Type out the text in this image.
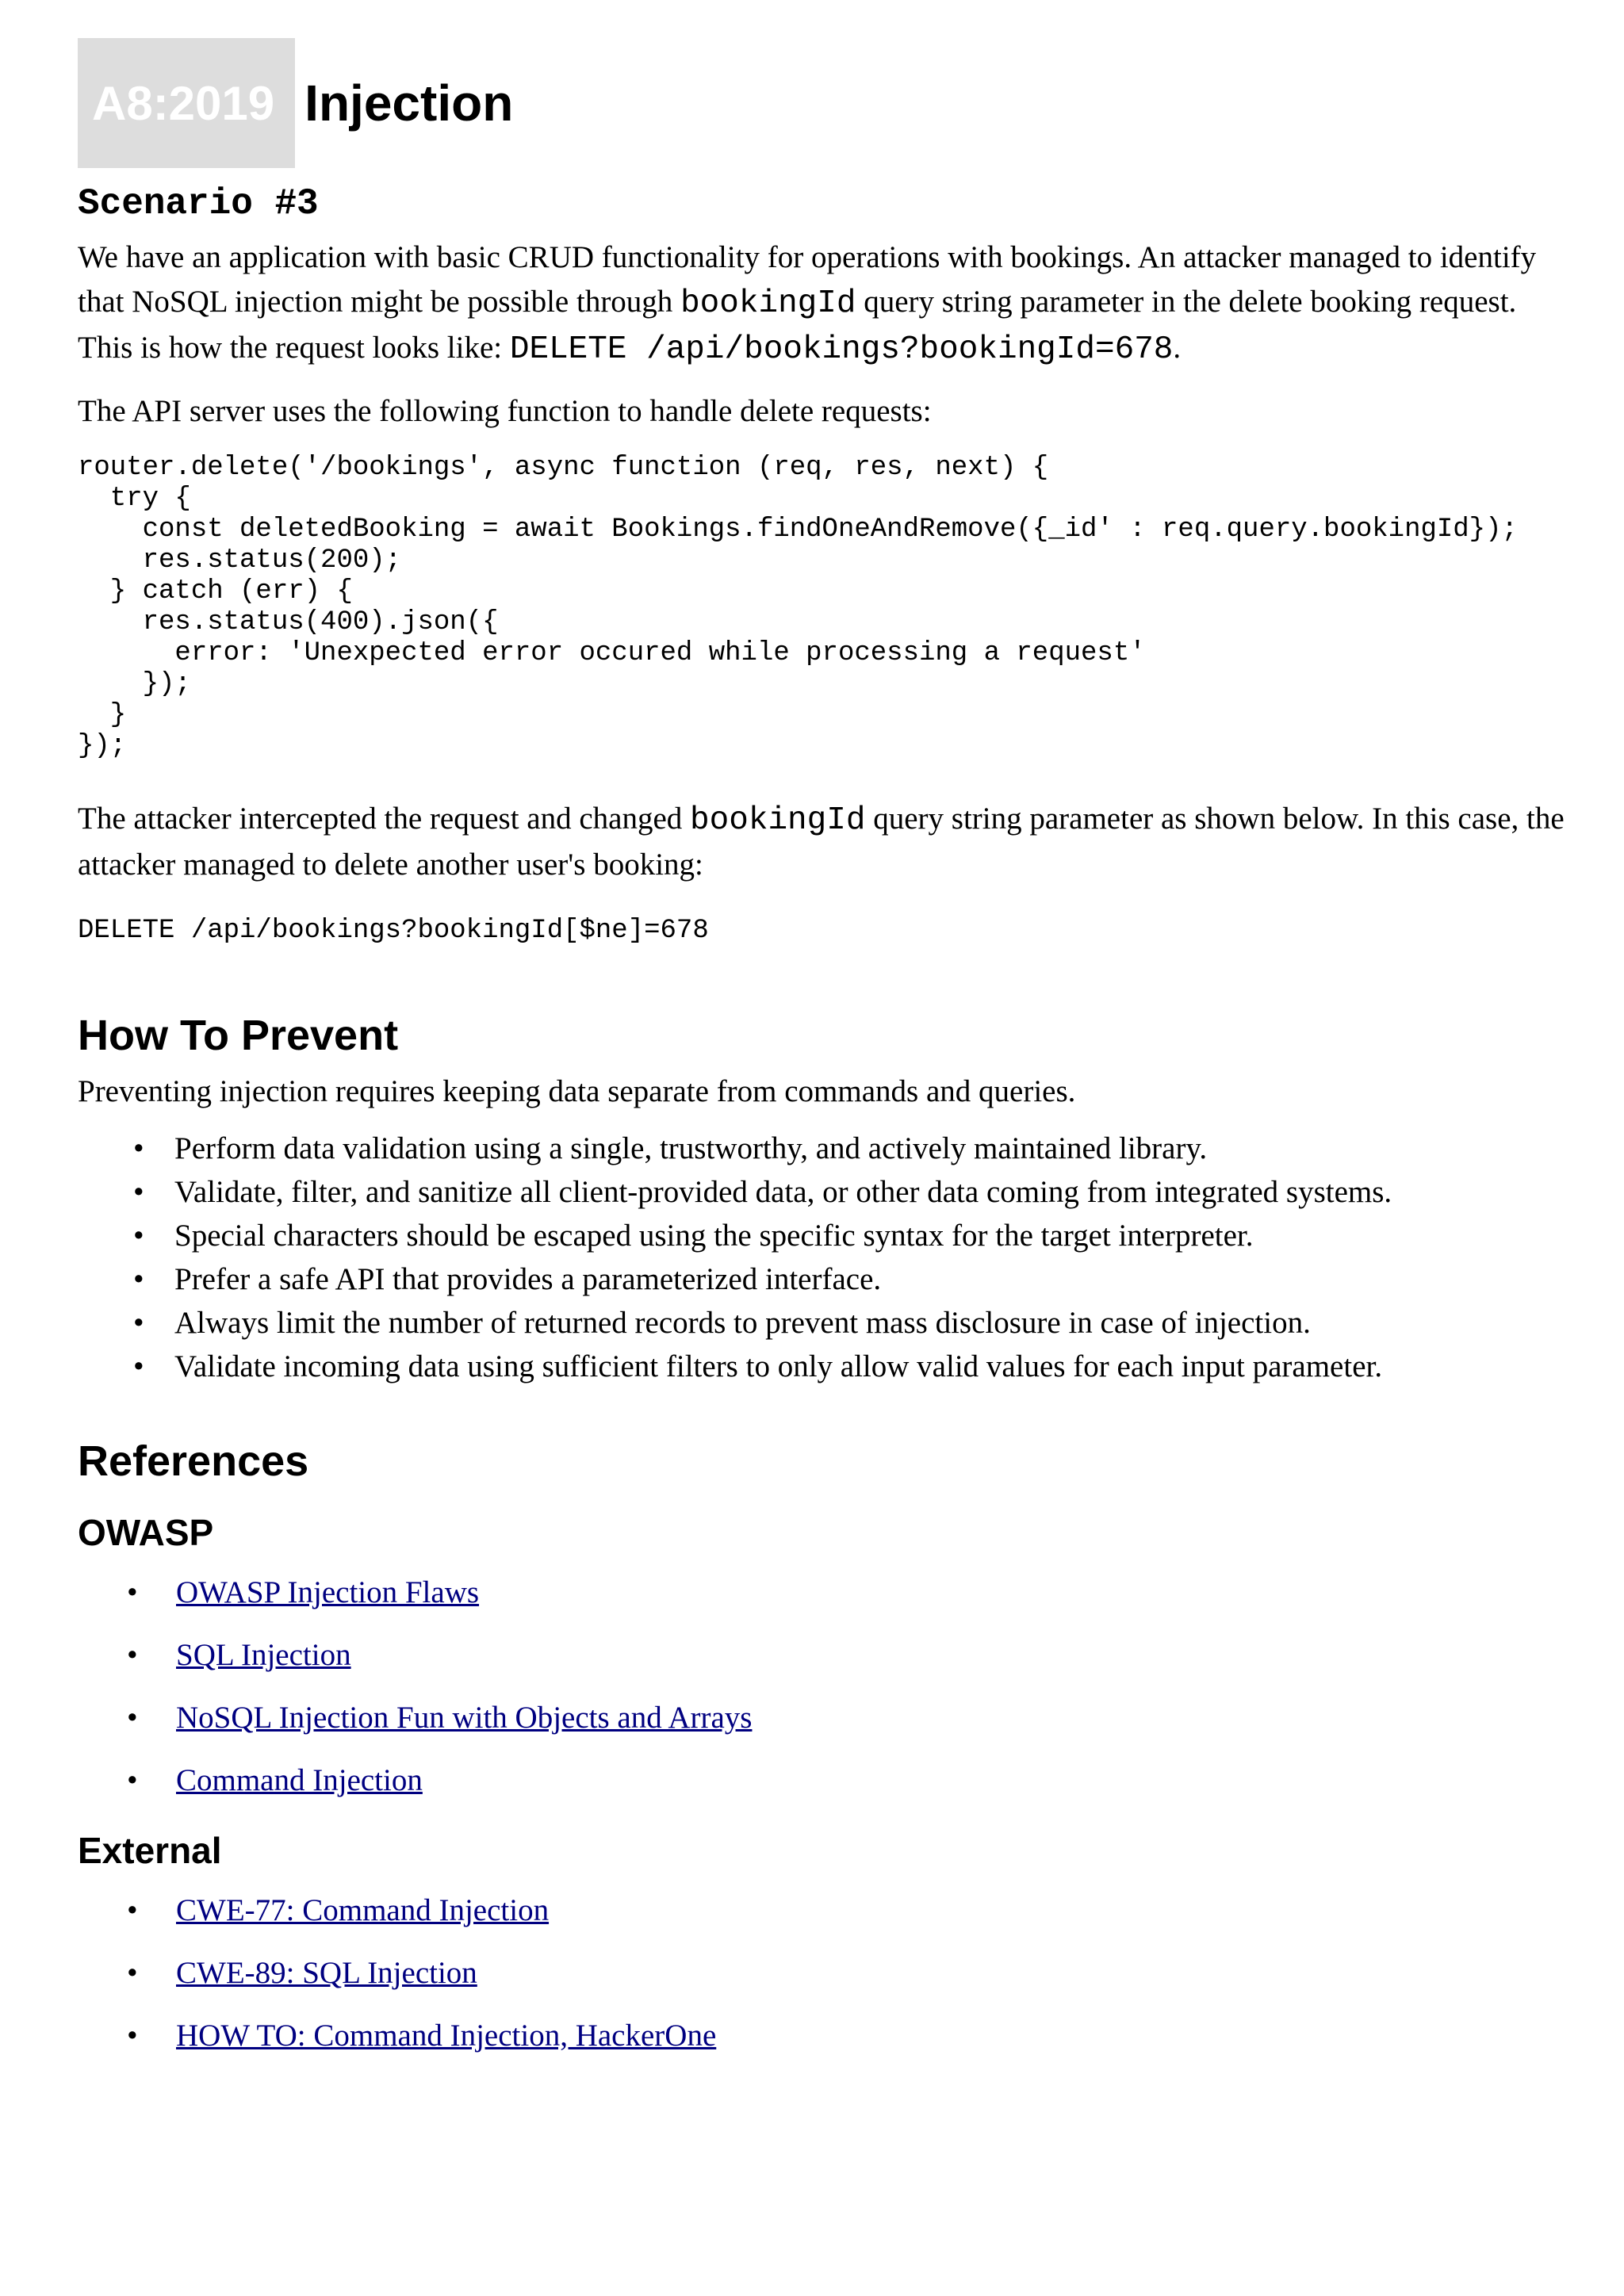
A8:2019 Injection
Scenario #3

We have an application with basic CRUD functionality for operations with bookings. An attacker managed to identify that NoSQL injection might be possible through bookingId query string parameter in the delete booking request. This is how the request looks like: DELETE /api/bookings?bookingId=678.

The API server uses the following function to handle delete requests:

router.delete('/bookings', async function (req, res, next) {
try {
const deletedBooking = await Bookings.findOneAndRemove({_id' : req.query.bookingId});
res.status(200);
} catch (err) {
res.status(400).json({
error: 'Unexpected error occured while processing a request'
});
}
});

The attacker intercepted the request and changed bookingId query string parameter as shown below. In this case, the attacker managed to delete another user's booking:

DELETE /api/bookings?bookingId[$ne]=678
How To Prevent

Preventing injection requires keeping data separate from commands and queries.

• Perform data validation using a single, trustworthy, and actively maintained library.
• Validate, filter, and sanitize all client-provided data, or other data coming from integrated systems.
• Special characters should be escaped using the specific syntax for the target interpreter.
• Prefer a safe API that provides a parameterized interface.
• Always limit the number of returned records to prevent mass disclosure in case of injection.
• Validate incoming data using sufficient filters to only allow valid values for each input parameter.
References
OWASP
• OWASP Injection Flaws
• SQL Injection
• NoSQL Injection Fun with Objects and Arrays
• Command Injection
External
• CWE-77: Command Injection
• CWE-89: SQL Injection
• HOW TO: Command Injection, HackerOne
